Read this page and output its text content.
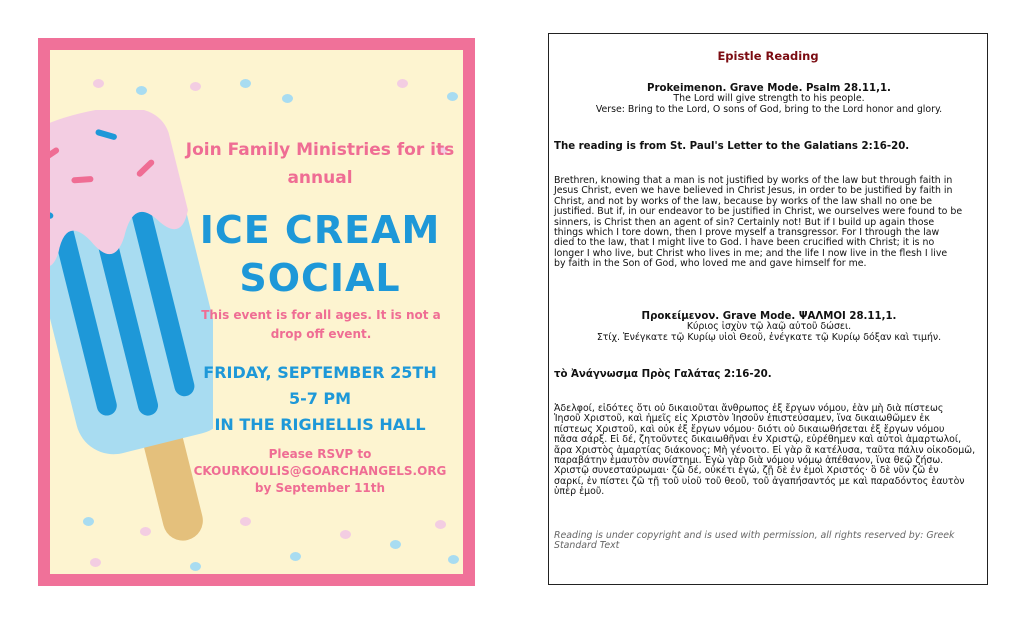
Join Family Ministries for its
annual
ICE CREAM
SOCIAL
This event is for all ages. It is not a
drop off event.
FRIDAY, SEPTEMBER 25TH
5-7 PM
IN THE RIGHELLIS HALL
Please RSVP to
CKOURKOULIS@GOARCHANGELS.ORG
by September 11th
Epistle Reading
Prokeimenon. Grave Mode. Psalm 28.11,1.
The Lord will give strength to his people.
Verse: Bring to the Lord, O sons of God, bring to the Lord honor and glory.
The reading is from St. Paul's Letter to the Galatians 2:16-20.
Brethren, knowing that a man is not justified by works of the law but through faith in
Jesus Christ, even we have believed in Christ Jesus, in order to be justified by faith in
Christ, and not by works of the law, because by works of the law shall no one be
justified. But if, in our endeavor to be justified in Christ, we ourselves were found to be
sinners, is Christ then an agent of sin? Certainly not! But if I build up again those
things which I tore down, then I prove myself a transgressor. For I through the law
died to the law, that I might live to God. I have been crucified with Christ; it is no
longer I who live, but Christ who lives in me; and the life I now live in the flesh I live
by faith in the Son of God, who loved me and gave himself for me.
Προκείμενον. Grave Mode. ΨΑΛΜΟΙ 28.11,1.
Κύριος ἰσχὺν τῷ λαῷ αὐτοῦ δώσει.
Στίχ. Ἐνέγκατε τῷ Κυρίῳ υἱοὶ Θεοῦ, ἐνέγκατε τῷ Κυρίῳ δόξαν καὶ τιμήν.
τὸ Ἀνάγνωσμα Πρὸς Γαλάτας 2:16-20.
Ἀδελφοί, εἰδότες ὅτι οὐ δικαιοῦται ἄνθρωπος ἐξ ἔργων νόμου, ἐὰν μὴ διὰ πίστεως
Ἰησοῦ Χριστοῦ, καὶ ἡμεῖς εἰς Χριστὸν Ἰησοῦν ἐπιστεύσαμεν, ἵνα δικαιωθῶμεν ἐκ
πίστεως Χριστοῦ, καὶ οὐκ ἐξ ἔργων νόμου· διότι οὐ δικαιωθήσεται ἐξ ἔργων νόμου
πᾶσα σάρξ. Εἰ δέ, ζητοῦντες δικαιωθῆναι ἐν Χριστῷ, εὑρέθημεν καὶ αὐτοὶ ἁμαρτωλοί,
ἄρα Χριστὸς ἁμαρτίας διάκονος; Μὴ γένοιτο. Εἰ γὰρ ἃ κατέλυσα, ταῦτα πάλιν οἰκοδομῶ,
παραβάτην ἐμαυτὸν συνίστημι. Ἐγὼ γὰρ διὰ νόμου νόμῳ ἀπέθανον, ἵνα θεῷ ζήσω.
Χριστῷ συνεσταύρωμαι· ζῶ δέ, οὐκέτι ἐγώ, ζῇ δὲ ἐν ἐμοὶ Χριστός· ὃ δὲ νῦν ζῶ ἐν
σαρκί, ἐν πίστει ζῶ τῇ τοῦ υἱοῦ τοῦ θεοῦ, τοῦ ἀγαπήσαντός με καὶ παραδόντος ἑαυτὸν
ὑπὲρ ἐμοῦ.
Reading is under copyright and is used with permission, all rights reserved by: Greek
Standard Text
